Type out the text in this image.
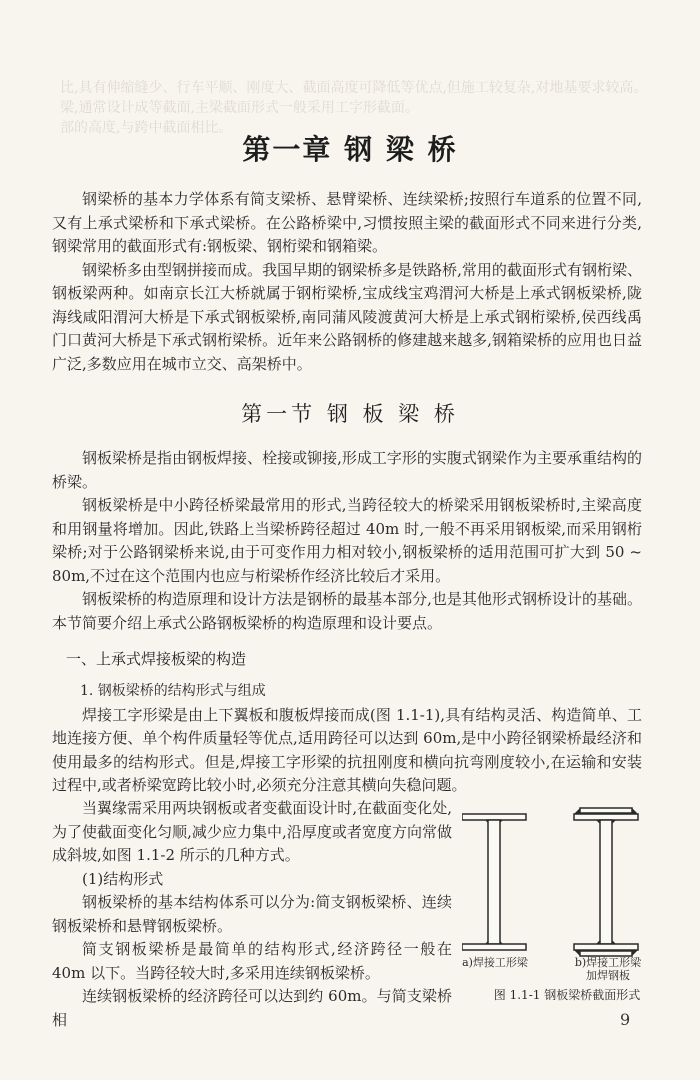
比,具有伸缩缝少、行车平顺、刚度大、截面高度可降低等优点,但施工较复杂,对地基要求较高。
梁,通常设计成等截面,主梁截面形式一般采用工字形截面。
部的高度,与跨中截面相比。
第一章 钢 梁 桥

钢梁桥的基本力学体系有简支梁桥、悬臂梁桥、连续梁桥;按照行车道系的位置不同,又有上承式梁桥和下承式梁桥。在公路桥梁中,习惯按照主梁的截面形式不同来进行分类,钢梁常用的截面形式有:钢板梁、钢桁梁和钢箱梁。

钢梁桥多由型钢拼接而成。我国早期的钢梁桥多是铁路桥,常用的截面形式有钢桁梁、钢板梁两种。如南京长江大桥就属于钢桁梁桥,宝成线宝鸡渭河大桥是上承式钢板梁桥,陇海线咸阳渭河大桥是下承式钢板梁桥,南同蒲风陵渡黄河大桥是上承式钢桁梁桥,侯西线禹门口黄河大桥是下承式钢桁梁桥。近年来公路钢桥的修建越来越多,钢箱梁桥的应用也日益广泛,多数应用在城市立交、高架桥中。

第一节 钢 板 梁 桥

钢板梁桥是指由钢板焊接、栓接或铆接,形成工字形的实腹式钢梁作为主要承重结构的桥梁。

钢板梁桥是中小跨径桥梁最常用的形式,当跨径较大的桥梁采用钢板梁桥时,主梁高度和用钢量将增加。因此,铁路上当梁桥跨径超过 40m 时,一般不再采用钢板梁,而采用钢桁梁桥;对于公路钢梁桥来说,由于可变作用力相对较小,钢板梁桥的适用范围可扩大到 50 ~ 80m,不过在这个范围内也应与桁梁桥作经济比较后才采用。

钢板梁桥的构造原理和设计方法是钢桥的最基本部分,也是其他形式钢桥设计的基础。本节简要介绍上承式公路钢板梁桥的构造原理和设计要点。

一、上承式焊接板梁的构造

1. 钢板梁桥的结构形式与组成

焊接工字形梁是由上下翼板和腹板焊接而成(图 1.1-1),具有结构灵活、构造简单、工地连接方便、单个构件质量轻等优点,适用跨径可以达到 60m,是中小跨径钢梁桥最经济和使用最多的结构形式。但是,焊接工字形梁的抗扭刚度和横向抗弯刚度较小,在运输和安装过程中,或者桥梁宽跨比较小时,必须充分注意其横向失稳问题。

当翼缘需采用两块钢板或者变截面设计时,在截面变化处,为了使截面变化匀顺,减少应力集中,沿厚度或者宽度方向常做成斜坡,如图 1.1-2 所示的几种方式。

(1)结构形式

钢板梁桥的基本结构体系可以分为:简支钢板梁桥、连续钢板梁桥和悬臂钢板梁桥。

简支钢板梁桥是最简单的结构形式,经济跨径一般在 40m 以下。当跨径较大时,多采用连续钢板梁桥。

连续钢板梁桥的经济跨径可以达到约 60m。与简支梁桥相

a)焊接工形梁	b)焊接工形梁
加焊钢板
图 1.1-1 钢板梁桥截面形式
9
